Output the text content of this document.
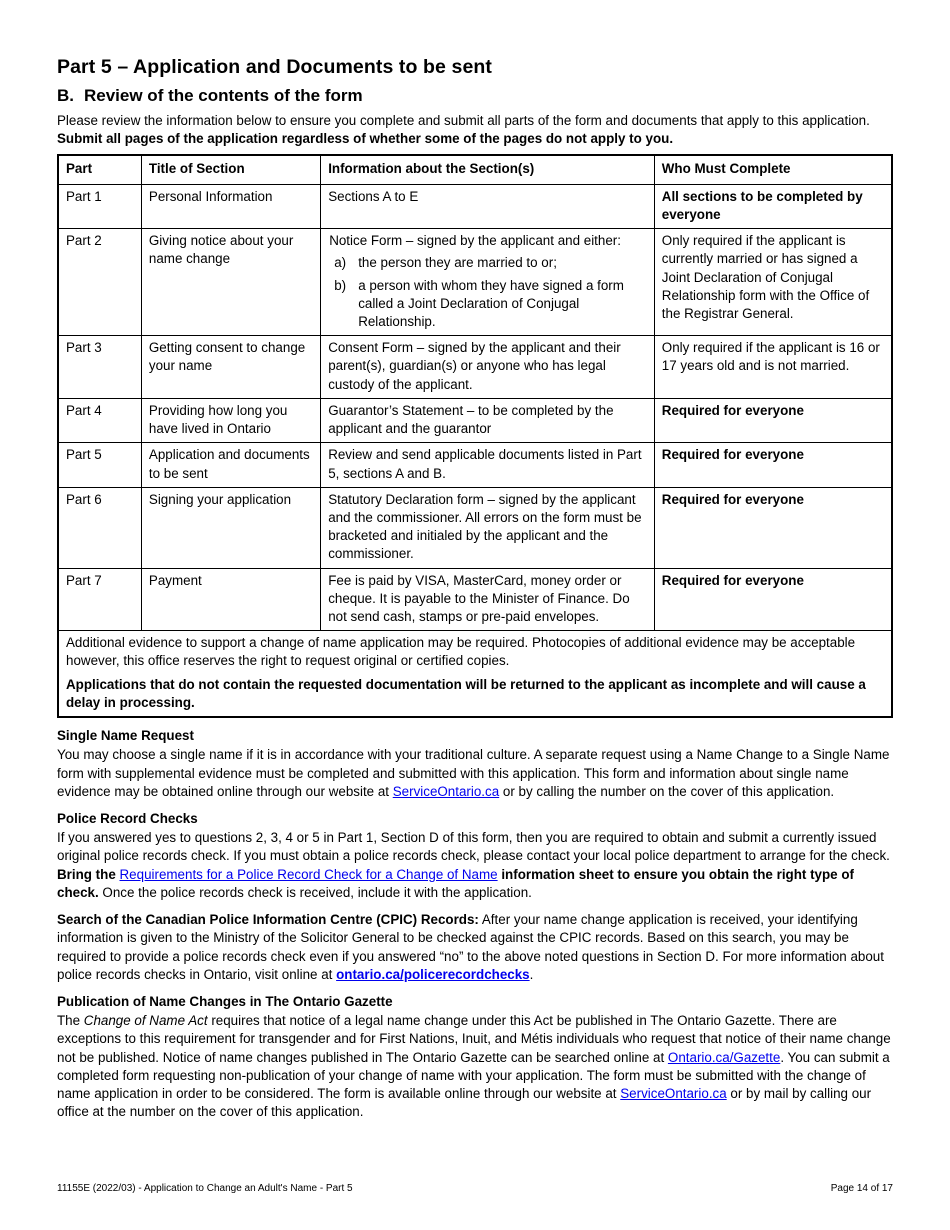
Part 5 – Application and Documents to be sent
B. Review of the contents of the form

Please review the information below to ensure you complete and submit all parts of the form and documents that apply to this application. Submit all pages of the application regardless of whether some of the pages do not apply to you.

Part	Title of Section	Information about the Section(s)	Who Must Complete
Part 1	Personal Information	Sections A to E	All sections to be completed by everyone
Part 2	Giving notice about your name change	Notice Form – signed by the applicant and either:
a) the person they are married to or;
b) a person with whom they have signed a form called a Joint Declaration of Conjugal Relationship.	Only required if the applicant is currently married or has signed a Joint Declaration of Conjugal Relationship form with the Office of the Registrar General.
Part 3	Getting consent to change your name	Consent Form – signed by the applicant and their parent(s), guardian(s) or anyone who has legal custody of the applicant.	Only required if the applicant is 16 or 17 years old and is not married.
Part 4	Providing how long you have lived in Ontario	Guarantor’s Statement – to be completed by the applicant and the guarantor	Required for everyone
Part 5	Application and documents to be sent	Review and send applicable documents listed in Part 5, sections A and B.	Required for everyone
Part 6	Signing your application	Statutory Declaration form – signed by the applicant and the commissioner. All errors on the form must be bracketed and initialed by the applicant and the commissioner.	Required for everyone
Part 7	Payment	Fee is paid by VISA, MasterCard, money order or cheque. It is payable to the Minister of Finance. Do not send cash, stamps or pre-paid envelopes.	Required for everyone

Additional evidence to support a change of name application may be required. Photocopies of additional evidence may be acceptable however, this office reserves the right to request original or certified copies.

Applications that do not contain the requested documentation will be returned to the applicant as incomplete and will cause a delay in processing.			

Single Name Request

You may choose a single name if it is in accordance with your traditional culture. A separate request using a Name Change to a Single Name form with supplemental evidence must be completed and submitted with this application. This form and information about single name evidence may be obtained online through our website at ServiceOntario.ca or by calling the number on the cover of this application.

Police Record Checks

If you answered yes to questions 2, 3, 4 or 5 in Part 1, Section D of this form, then you are required to obtain and submit a currently issued original police records check. If you must obtain a police records check, please contact your local police department to arrange for the check. Bring the Requirements for a Police Record Check for a Change of Name information sheet to ensure you obtain the right type of check. Once the police records check is received, include it with the application.

Search of the Canadian Police Information Centre (CPIC) Records: After your name change application is received, your identifying information is given to the Ministry of the Solicitor General to be checked against the CPIC records. Based on this search, you may be required to provide a police records check even if you answered “no” to the above noted questions in Section D. For more information about police records checks in Ontario, visit online at ontario.ca/policerecordchecks.

Publication of Name Changes in The Ontario Gazette

The Change of Name Act requires that notice of a legal name change under this Act be published in The Ontario Gazette. There are exceptions to this requirement for transgender and for First Nations, Inuit, and Métis individuals who request that notice of their name change not be published. Notice of name changes published in The Ontario Gazette can be searched online at Ontario.ca/Gazette. You can submit a completed form requesting non-publication of your change of name with your application. The form must be submitted with the change of name application in order to be considered. The form is available online through our website at ServiceOntario.ca or by mail by calling our office at the number on the cover of this application.

11155E (2022/03) - Application to Change an Adult's Name - Part 5	Page 14 of 17
